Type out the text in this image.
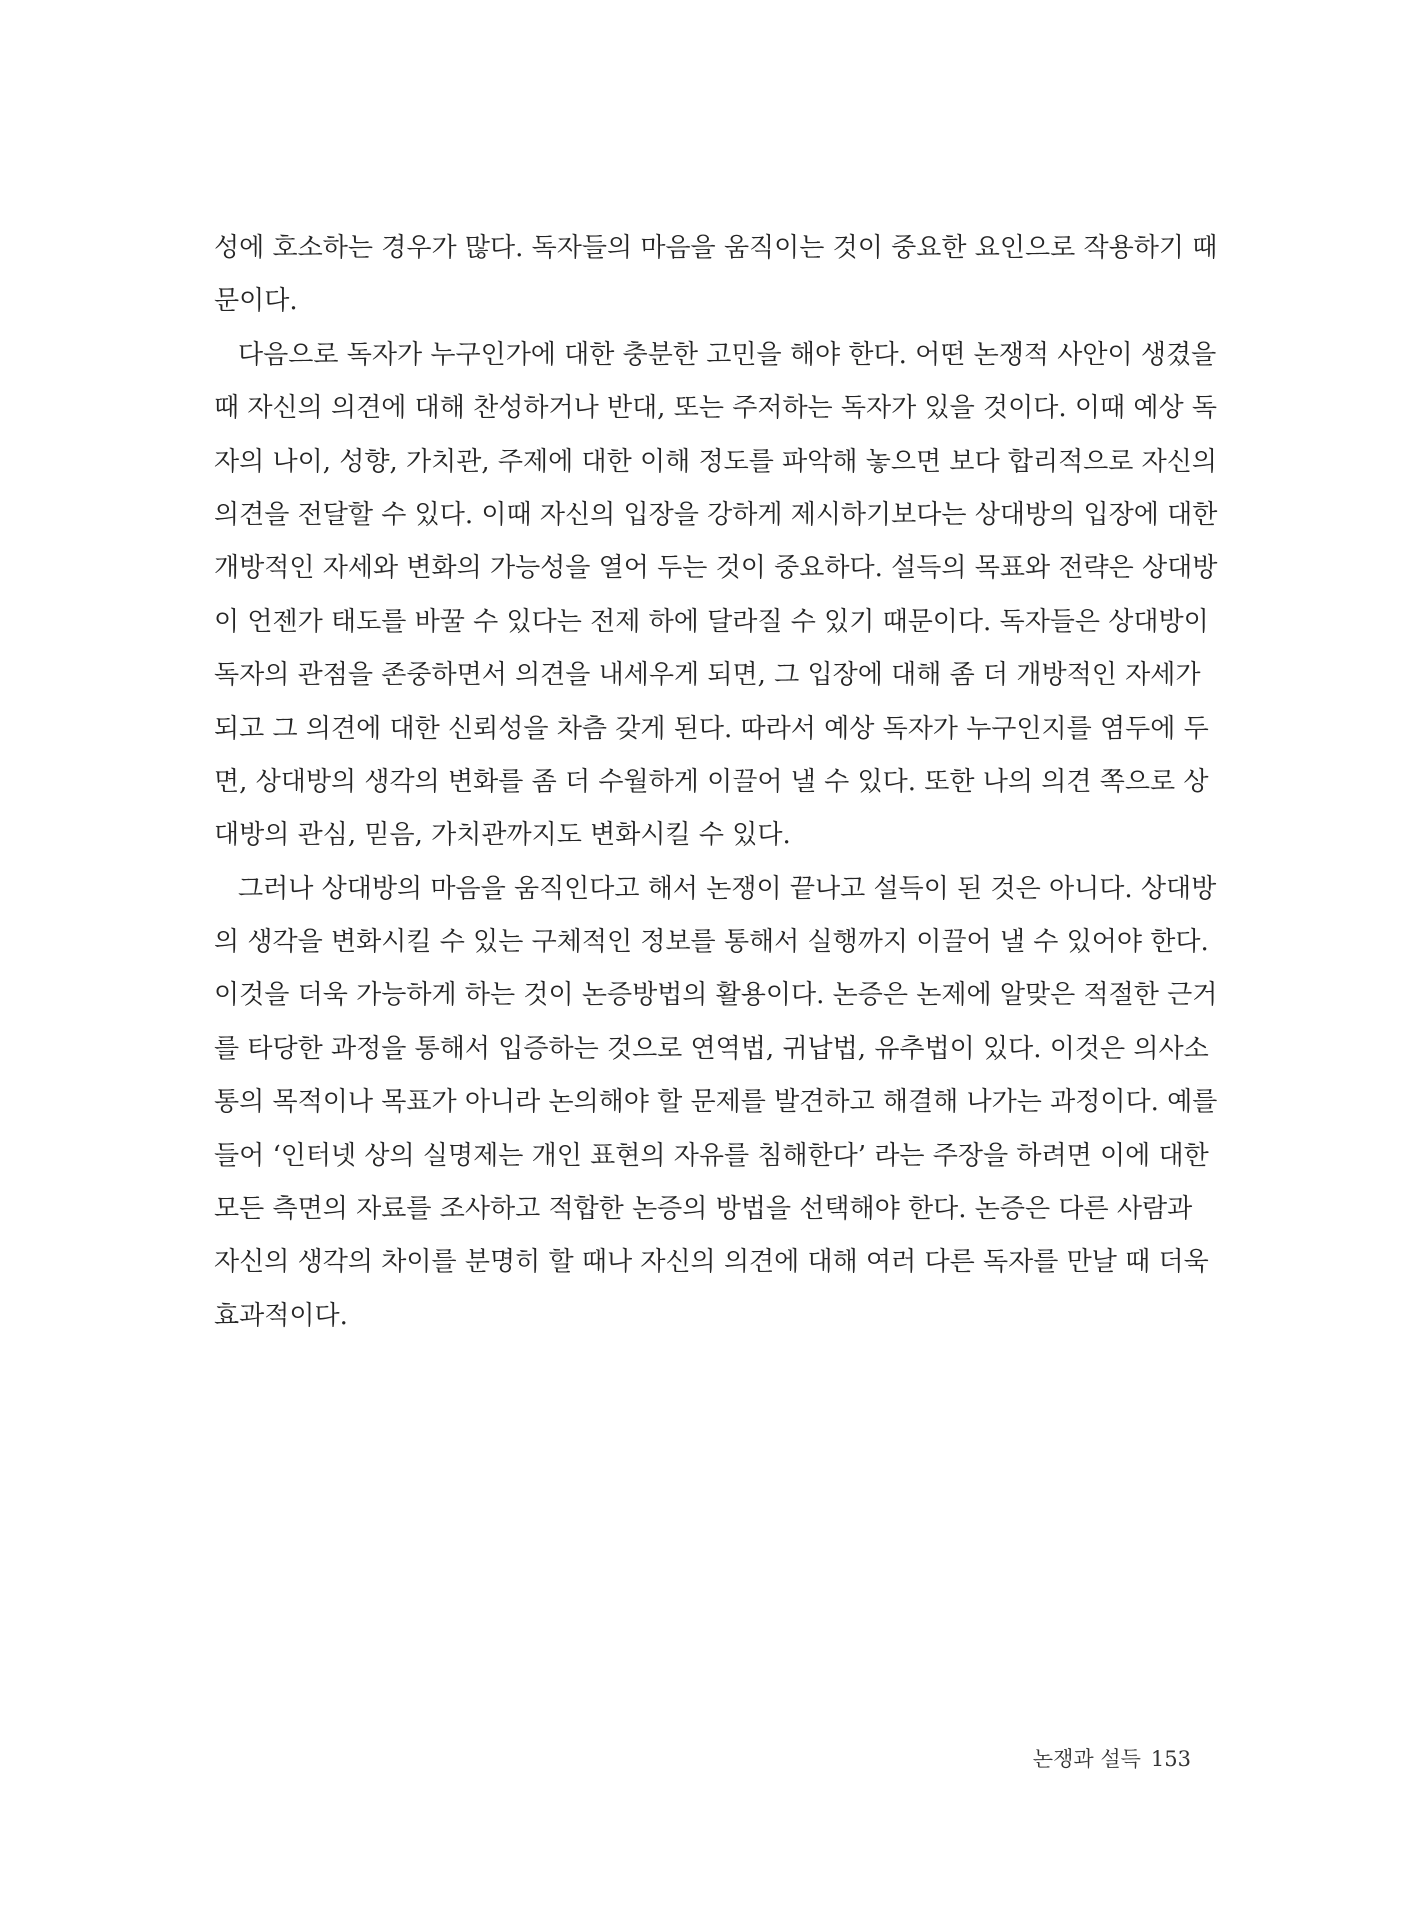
성에 호소하는 경우가 많다. 독자들의 마음을 움직이는 것이 중요한 요인으로 작용하기 때
문이다.
다음으로 독자가 누구인가에 대한 충분한 고민을 해야 한다. 어떤 논쟁적 사안이 생겼을
때 자신의 의견에 대해 찬성하거나 반대, 또는 주저하는 독자가 있을 것이다. 이때 예상 독
자의 나이, 성향, 가치관, 주제에 대한 이해 정도를 파악해 놓으면 보다 합리적으로 자신의
의견을 전달할 수 있다. 이때 자신의 입장을 강하게 제시하기보다는 상대방의 입장에 대한
개방적인 자세와 변화의 가능성을 열어 두는 것이 중요하다. 설득의 목표와 전략은 상대방
이 언젠가 태도를 바꿀 수 있다는 전제 하에 달라질 수 있기 때문이다. 독자들은 상대방이
독자의 관점을 존중하면서 의견을 내세우게 되면, 그 입장에 대해 좀 더 개방적인 자세가
되고 그 의견에 대한 신뢰성을 차츰 갖게 된다. 따라서 예상 독자가 누구인지를 염두에 두
면, 상대방의 생각의 변화를 좀 더 수월하게 이끌어 낼 수 있다. 또한 나의 의견 쪽으로 상
대방의 관심, 믿음, 가치관까지도 변화시킬 수 있다.
그러나 상대방의 마음을 움직인다고 해서 논쟁이 끝나고 설득이 된 것은 아니다. 상대방
의 생각을 변화시킬 수 있는 구체적인 정보를 통해서 실행까지 이끌어 낼 수 있어야 한다.
이것을 더욱 가능하게 하는 것이 논증방법의 활용이다. 논증은 논제에 알맞은 적절한 근거
를 타당한 과정을 통해서 입증하는 것으로 연역법, 귀납법, 유추법이 있다. 이것은 의사소
통의 목적이나 목표가 아니라 논의해야 할 문제를 발견하고 해결해 나가는 과정이다. 예를
들어 ‘인터넷 상의 실명제는 개인 표현의 자유를 침해한다’ 라는 주장을 하려면 이에 대한
모든 측면의 자료를 조사하고 적합한 논증의 방법을 선택해야 한다. 논증은 다른 사람과
자신의 생각의 차이를 분명히 할 때나 자신의 의견에 대해 여러 다른 독자를 만날 때 더욱
효과적이다.
논쟁과 설득 153
